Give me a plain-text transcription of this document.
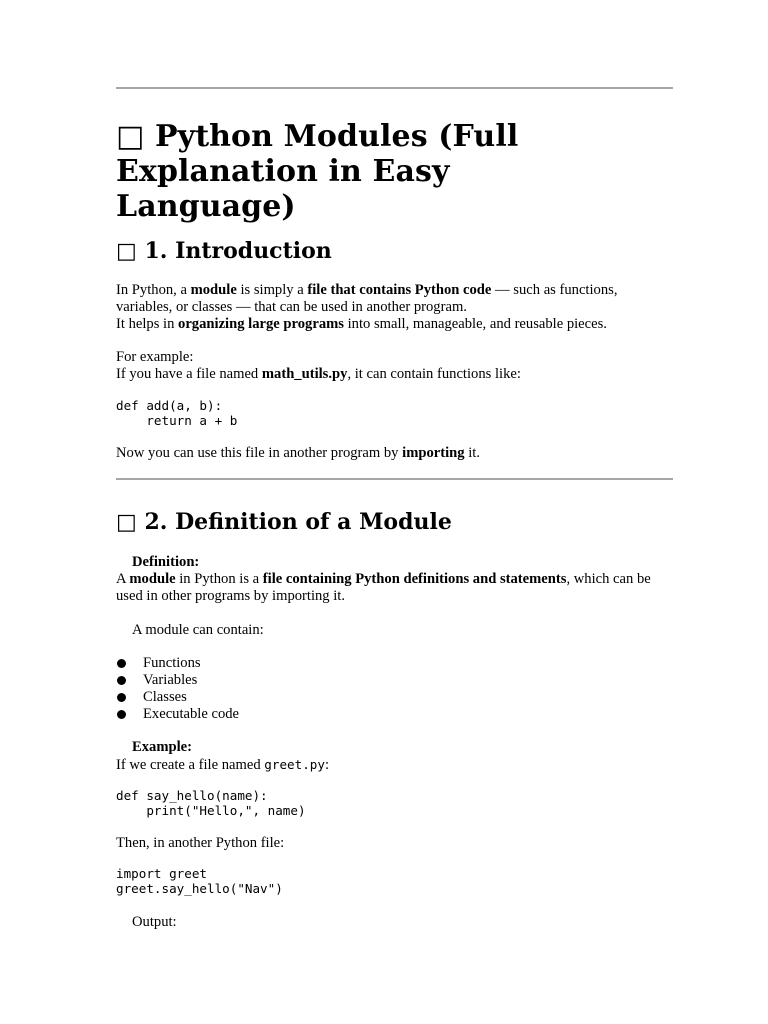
□ Python Modules (Full Explanation in Easy Language)
□ 1. Introduction

In Python, a module is simply a file that contains Python code — such as functions, variables, or classes — that can be used in another program.
It helps in organizing large programs into small, manageable, and reusable pieces.

For example:
If you have a file named math_utils.py, it can contain functions like:

def add(a, b):
return a + b

Now you can use this file in another program by importing it.

□ 2. Definition of a Module

Definition:

A module in Python is a file containing Python definitions and statements, which can be used in other programs by importing it.

A module can contain:

Functions
Variables
Classes
Executable code

Example:

If we create a file named greet.py:

def say_hello(name):
print("Hello,", name)

Then, in another Python file:

import greet
greet.say_hello("Nav")

Output:
